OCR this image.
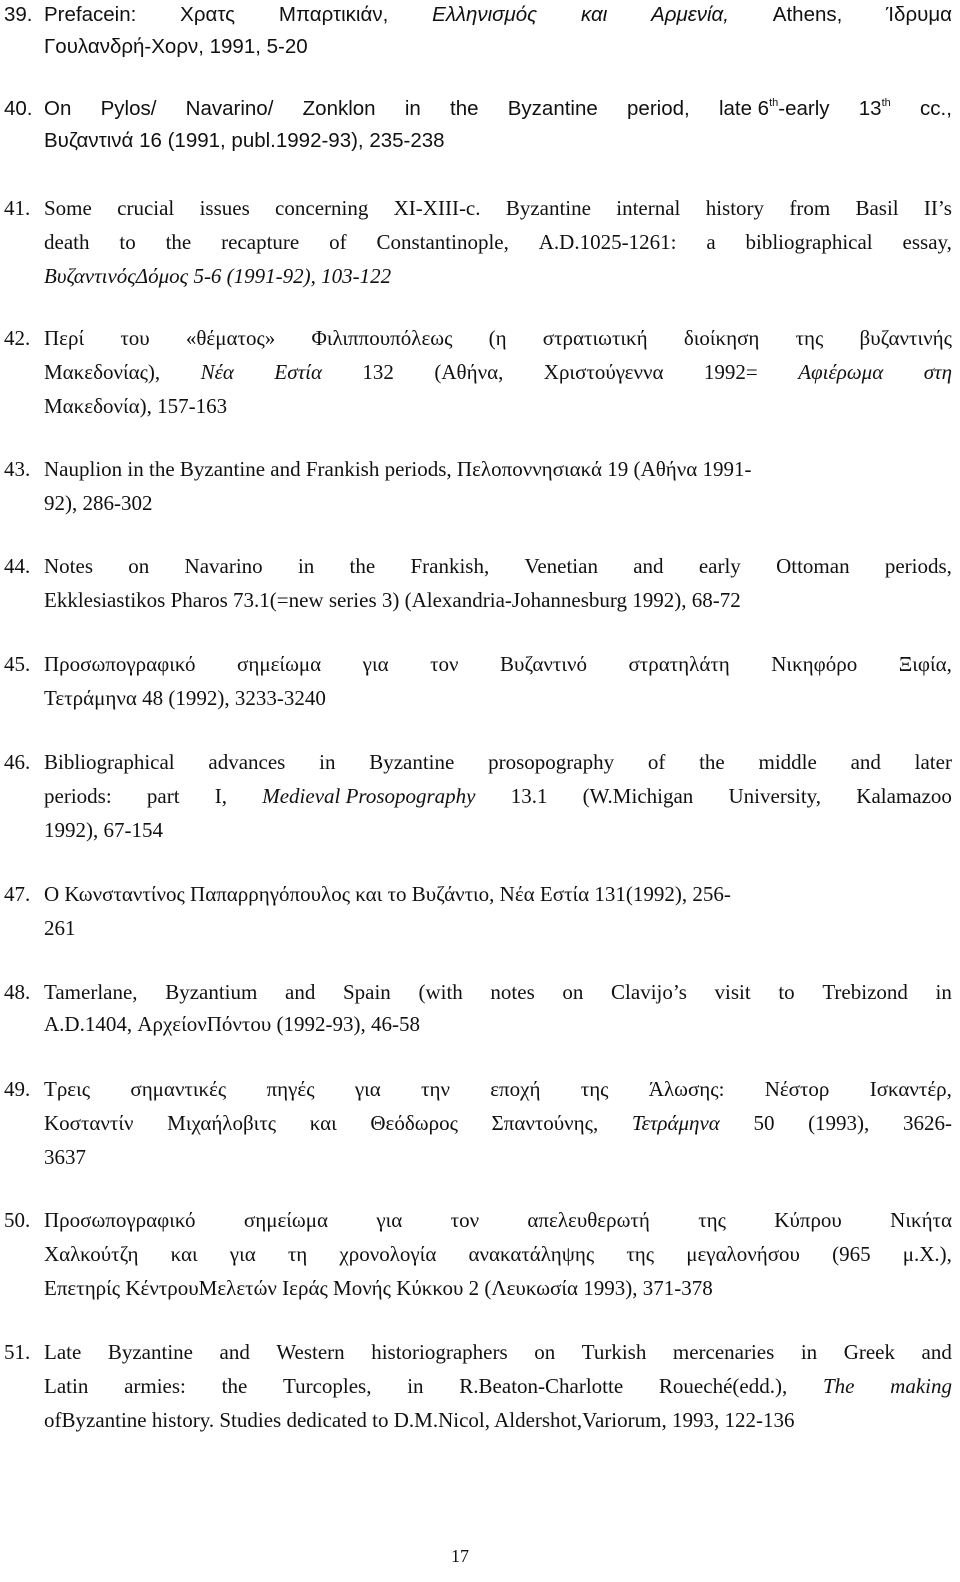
39. Prefacein: Χρατς Μπαρτικιάν, Ελληνισμός και Αρμενία, Athens, Ίδρυμα
Γουλανδρή-Χορν, 1991, 5-20
40. On Pylos/ Navarino/ Zonklon in the Byzantine period, late 6th-early 13th cc.,
Βυζαντινά 16 (1991, publ.1992-93), 235-238
41. Some crucial issues concerning XI-XIII-c. Byzantine internal history from Basil II’s
death to the recapture of Constantinople, A.D.1025-1261: a bibliographical essay,
ΒυζαντινόςΔόμος 5-6 (1991-92), 103-122
42. Περί του «θέματος» Φιλιππουπόλεως (η στρατιωτική διοίκηση της βυζαντινής
Μακεδονίας), Νέα Εστία 132 (Αθήνα, Χριστούγεννα 1992= Αφιέρωμα στη
Μακεδονία), 157-163
43. Nauplion in the Byzantine and Frankish periods, Πελοποννησιακά 19 (Αθήνα 1991-
92), 286-302
44. Notes on Navarino in the Frankish, Venetian and early Ottoman periods,
Ekklesiastikos Pharos 73.1(=new series 3) (Alexandria-Johannesburg 1992), 68-72
45. Προσωπογραφικό σημείωμα για τον Βυζαντινό στρατηλάτη Νικηφόρο Ξιφία,
Τετράμηνα 48 (1992), 3233-3240
46. Bibliographical advances in Byzantine prosopography of the middle and later
periods: part I, Medieval Prosopography 13.1 (W.Michigan University, Kalamazoo
1992), 67-154
47. Ο Κωνσταντίνος Παπαρρηγόπουλος και το Βυζάντιο, Νέα Εστία 131(1992), 256-
261
48. Tamerlane, Byzantium and Spain (with notes on Clavijo’s visit to Trebizond in
A.D.1404, ΑρχείονΠόντου (1992-93), 46-58
49. Τρεις σημαντικές πηγές για την εποχή της Άλωσης: Νέστορ Ισκαντέρ,
Κοσταντίν Μιχαήλοβιτς και Θεόδωρος Σπαντούνης, Τετράμηνα 50 (1993), 3626-
3637
50. Προσωπογραφικό σημείωμα για τον απελευθερωτή της Κύπρου Νικήτα
Χαλκούτζη και για τη χρονολογία ανακατάληψης της μεγαλονήσου (965 μ.Χ.),
Επετηρίς ΚέντρουΜελετών Ιεράς Μονής Κύκκου 2 (Λευκωσία 1993), 371-378
51. Late Byzantine and Western historiographers on Turkish mercenaries in Greek and
Latin armies: the Turcoples, in R.Beaton-Charlotte Roueché(edd.), The making
ofByzantine history. Studies dedicated to D.M.Nicol, Aldershot,Variorum, 1993, 122-136
17
